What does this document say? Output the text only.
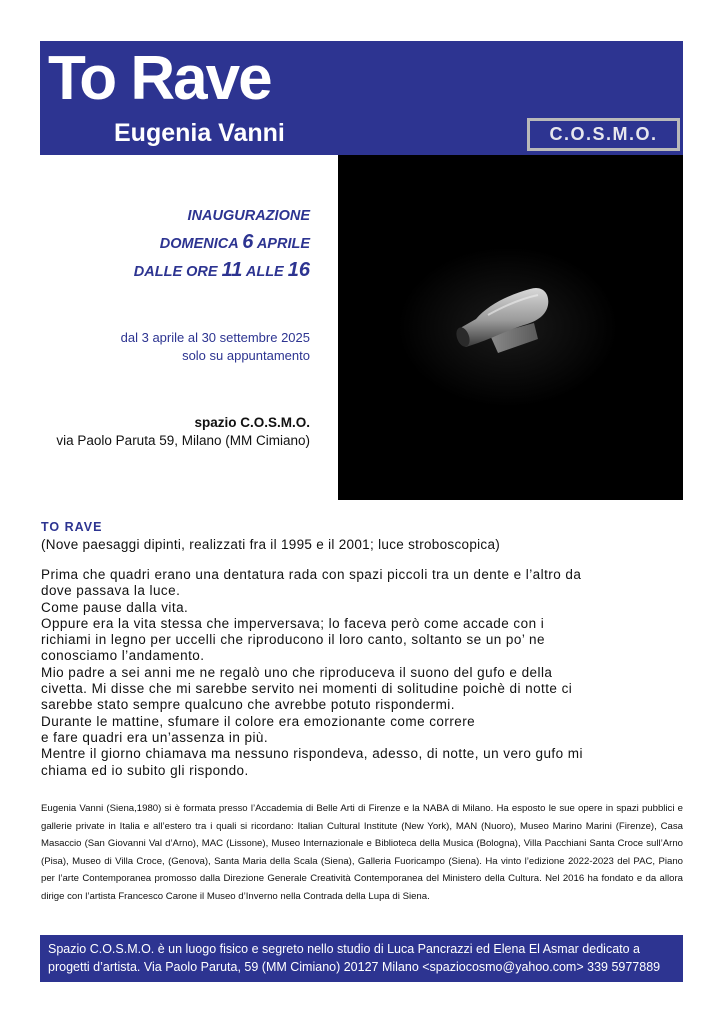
To Rave
Eugenia Vanni	C.O.S.M.O.
INAUGURAZIONE
DOMENICA 6 APRILE
DALLE ORE 11 ALLE 16
dal 3 aprile al 30 settembre 2025
solo su appuntamento
spazio C.O.S.M.O.
via Paolo Paruta 59, Milano (MM Cimiano)
TO RAVE
(Nove paesaggi dipinti, realizzati fra il 1995 e il 2001; luce stroboscopica)
Prima che quadri erano una dentatura rada con spazi piccoli tra un dente e l’altro da
dove passava la luce.
Come pause dalla vita.
Oppure era la vita stessa che imperversava; lo faceva però come accade con i
richiami in legno per uccelli che riproducono il loro canto, soltanto se un po’ ne
conosciamo l’andamento.
Mio padre a sei anni me ne regalò uno che riproduceva il suono del gufo e della
civetta. Mi disse che mi sarebbe servito nei momenti di solitudine poichè di notte ci
sarebbe stato sempre qualcuno che avrebbe potuto rispondermi.
Durante le mattine, sfumare il colore era emozionante come correre
e fare quadri era un’assenza in più.
Mentre il giorno chiamava ma nessuno rispondeva, adesso, di notte, un vero gufo mi
chiama ed io subito gli rispondo.
Eugenia Vanni (Siena,1980) si è formata presso l’Accademia di Belle Arti di Firenze e la NABA di Milano. Ha esposto le sue opere in spazi pubblici e gallerie private in Italia e all’estero tra i quali si ricordano: Italian Cultural Institute (New York), MAN (Nuoro), Museo Marino Marini (Firenze), Casa Masaccio (San Giovanni Val d’Arno), MAC (Lissone), Museo Internazionale e Biblioteca della Musica (Bologna), Villa Pacchiani Santa Croce sull’Arno (Pisa), Museo di Villa Croce, (Genova), Santa Maria della Scala (Siena), Galleria Fuoricampo (Siena). Ha vinto l’edizione 2022-2023 del PAC, Piano per l’arte Contemporanea promosso dalla Direzione Generale Creatività Contemporanea del Ministero della Cultura. Nel 2016 ha fondato e da allora dirige con l’artista Francesco Carone il Museo d’Inverno nella Contrada della Lupa di Siena.
Spazio C.O.S.M.O. è un luogo fisico e segreto nello studio di Luca Pancrazzi ed Elena El Asmar dedicato a
progetti d’artista. Via Paolo Paruta, 59 (MM Cimiano) 20127 Milano <spaziocosmo@yahoo.com> 339 5977889
